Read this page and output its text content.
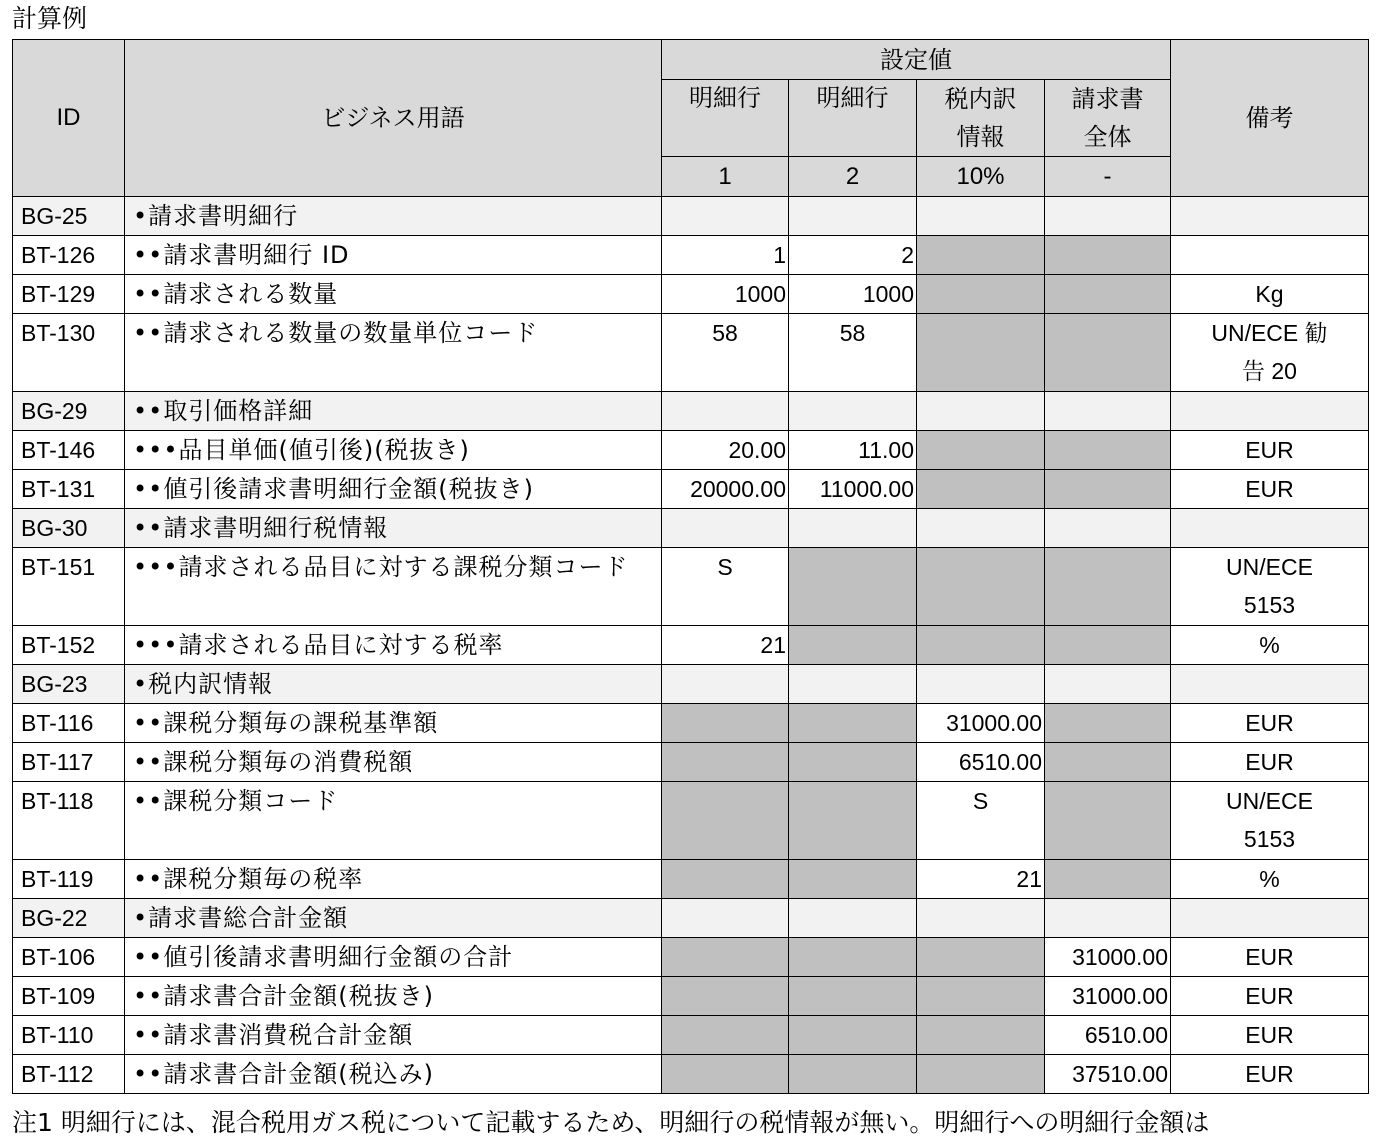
計算例
ID	ビジネス用語	設定値				備考
		明細行	明細行	税内訳情報	請求書全体	
		1	2	10%	-	
BG-25	•請求書明細行					
BT-126	••請求書明細行 ID	1	2			
BT-129	••請求される数量	1000	1000			Kg
BT-130	••請求される数量の数量単位コード	58	58			UN/ECE 勧告 20
BG-29	••取引価格詳細					
BT-146	•••品目単価(値引後)(税抜き)	20.00	11.00			EUR
BT-131	••値引後請求書明細行金額(税抜き)	20000.00	11000.00			EUR
BG-30	••請求書明細行税情報					
BT-151	•••請求される品目に対する課税分類コード	S				UN/ECE 5153
BT-152	•••請求される品目に対する税率	21				%
BG-23	•税内訳情報					
BT-116	••課税分類毎の課税基準額			31000.00		EUR
BT-117	••課税分類毎の消費税額			6510.00		EUR
BT-118	••課税分類コード			S		UN/ECE 5153
BT-119	••課税分類毎の税率			21		%
BG-22	•請求書総合計金額					
BT-106	••値引後請求書明細行金額の合計				31000.00	EUR
BT-109	••請求書合計金額(税抜き)				31000.00	EUR
BT-110	••請求書消費税合計金額				6510.00	EUR
BT-112	••請求書合計金額(税込み)				37510.00	EUR
注1 明細行には、混合税用ガス税について記載するため、明細行の税情報が無い。明細行への明細行金額は
